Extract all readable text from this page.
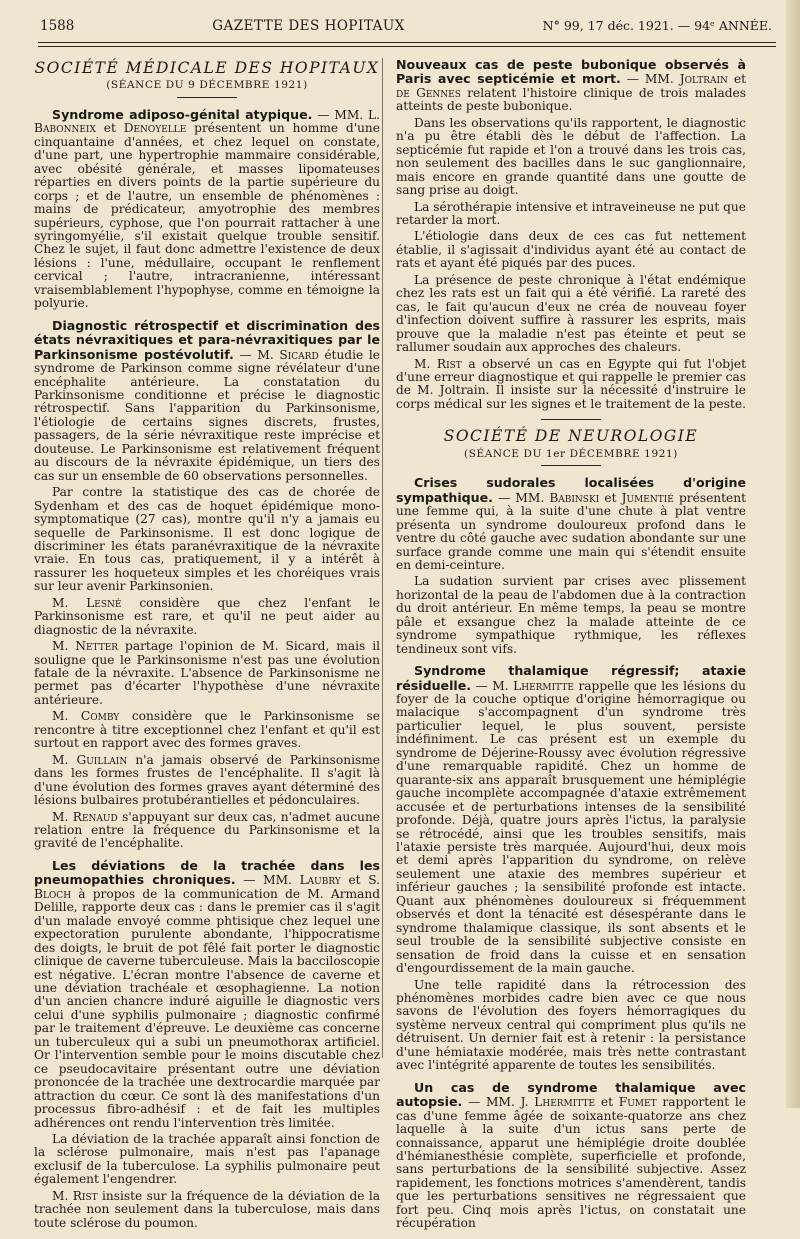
1588	GAZETTE DES HOPITAUX	N° 99, 17 déc. 1921. — 94ᵉ ANNÉE.
SOCIÉTÉ MÉDICALE DES HOPITAUX
(SÉANCE DU 9 DÉCEMBRE 1921)

Syndrome adiposo-génital atypique. — MM. L. Babonneix et Denoyelle présentent un homme d'une cinquantaine d'années, et chez lequel on constate, d'une part, une hypertrophie mammaire considérable, avec obésité générale, et masses lipomateuses réparties en divers points de la partie supérieure du corps ; et de l'autre, un ensemble de phénomènes : mains de prédicateur, amyotrophie des membres supérieurs, cyphose, que l'on pourrait rattacher à une syringomyélie, s'il existait quelque trouble sensitif. Chez le sujet, il faut donc admettre l'existence de deux lésions : l'une, médullaire, occupant le renflement cervical ; l'autre, intracranienne, intéressant vraisemblablement l'hypophyse, comme en témoigne la polyurie.

Diagnostic rétrospectif et discrimination des états névraxitiques et para-névraxitiques par le Parkinsonisme postévolutif. — M. Sicard étudie le syndrome de Parkinson comme signe révélateur d'une encéphalite antérieure. La constatation du Parkinsonisme conditionne et précise le diagnostic rétrospectif. Sans l'apparition du Parkinsonisme, l'étiologie de certains signes discrets, frustes, passagers, de la série névraxitique reste imprécise et douteuse. Le Parkinsonisme est relativement fréquent au discours de la névraxite épidémique, un tiers des cas sur un ensemble de 60 observations personnelles.

Par contre la statistique des cas de chorée de Sydenham et des cas de hoquet épidémique mono-symptomatique (27 cas), montre qu'il n'y a jamais eu sequelle de Parkinsonisme. Il est donc logique de discriminer les états paranévraxitique de la névraxite vraie. En tous cas, pratiquement, il y a intérêt à rassurer les hoqueteux simples et les choréiques vrais sur leur avenir Parkinsonien.

M. Lesné considère que chez l'enfant le Parkinsonisme est rare, et qu'il ne peut aider au diagnostic de la névraxite.

M. Netter partage l'opinion de M. Sicard, mais il souligne que le Parkinsonisme n'est pas une évolution fatale de la névraxite. L'absence de Parkinsonisme ne permet pas d'écarter l'hypothèse d'une névraxite antérieure.

M. Comby considère que le Parkinsonisme se rencontre à titre exceptionnel chez l'enfant et qu'il est surtout en rapport avec des formes graves.

M. Guillain n'a jamais observé de Parkinsonisme dans les formes frustes de l'encéphalite. Il s'agit là d'une évolution des formes graves ayant déterminé des lésions bulbaires protubérantielles et pédonculaires.

M. Renaud s'appuyant sur deux cas, n'admet aucune relation entre la fréquence du Parkinsonisme et la gravité de l'encéphalite.

Les déviations de la trachée dans les pneumopathies chroniques. — MM. Laubry et S. Bloch à propos de la communication de M. Armand Delille, rapporte deux cas : dans le premier cas il s'agit d'un malade envoyé comme phtisique chez lequel une expectoration purulente abondante, l'hippocratisme des doigts, le bruit de pot fêlé fait porter le diagnostic clinique de caverne tuberculeuse. Mais la bacciloscopie est négative. L'écran montre l'absence de caverne et une déviation trachéale et œsophagienne. La notion d'un ancien chancre induré aiguille le diagnostic vers celui d'une syphilis pulmonaire ; diagnostic confirmé par le traitement d'épreuve. Le deuxième cas concerne un tuberculeux qui a subi un pneumothorax artificiel. Or l'intervention semble pour le moins discutable chez ce pseudocavitaire présentant outre une déviation prononcée de la trachée une dextrocardie marquée par attraction du cœur. Ce sont là des manifestations d'un processus fibro-adhésif : et de fait les multiples adhérences ont rendu l'intervention très limitée.

La déviation de la trachée apparaît ainsi fonction de la sclérose pulmonaire, mais n'est pas l'apanage exclusif de la tuberculose. La syphilis pulmonaire peut également l'engendrer.

M. Rist insiste sur la fréquence de la déviation de la trachée non seulement dans la tuberculose, mais dans toute sclérose du poumon.

Nouveaux cas de peste bubonique observés à Paris avec septicémie et mort. — MM. Joltrain et de Gennes relatent l'histoire clinique de trois malades atteints de peste bubonique.

Dans les observations qu'ils rapportent, le diagnostic n'a pu être établi dès le début de l'affection. La septicémie fut rapide et l'on a trouvé dans les trois cas, non seulement des bacilles dans le suc ganglionnaire, mais encore en grande quantité dans une goutte de sang prise au doigt.

La sérothérapie intensive et intraveineuse ne put que retarder la mort.

L'étiologie dans deux de ces cas fut nettement établie, il s'agissait d'individus ayant été au contact de rats et ayant été piqués par des puces.

La présence de peste chronique à l'état endémique chez les rats est un fait qui a été vérifié. La rareté des cas, le fait qu'aucun d'eux ne créa de nouveau foyer d'infection doivent suffire à rassurer les esprits, mais prouve que la maladie n'est pas éteinte et peut se rallumer soudain aux approches des chaleurs.

M. Rist a observé un cas en Egypte qui fut l'objet d'une erreur diagnostique et qui rappelle le premier cas de M. Joltrain. Il insiste sur la nécessité d'instruire le corps médical sur les signes et le traitement de la peste.

SOCIÉTÉ DE NEUROLOGIE
(SÉANCE DU 1er DÉCEMBRE 1921)

Crises sudorales localisées d'origine sympathique. — MM. Babinski et Jumentié présentent une femme qui, à la suite d'une chute à plat ventre présenta un syndrome douloureux profond dans le ventre du côté gauche avec sudation abondante sur une surface grande comme une main qui s'étendit ensuite en demi-ceinture.

La sudation survient par crises avec plissement horizontal de la peau de l'abdomen due à la contraction du droit antérieur. En même temps, la peau se montre pâle et exsangue chez la malade atteinte de ce syndrome sympathique rythmique, les réflexes tendineux sont vifs.

Syndrome thalamique régressif; ataxie résiduelle. — M. Lhermitte rappelle que les lésions du foyer de la couche optique d'origine hémorragique ou malacique s'accompagnent d'un syndrome très particulier lequel, le plus souvent, persiste indéfiniment. Le cas présent est un exemple du syndrome de Déjerine-Roussy avec évolution régressive d'une remarquable rapidité. Chez un homme de quarante-six ans apparaît brusquement une hémiplégie gauche incomplète accompagnée d'ataxie extrêmement accusée et de perturbations intenses de la sensibilité profonde. Déjà, quatre jours après l'ictus, la paralysie se rétrocédé, ainsi que les troubles sensitifs, mais l'ataxie persiste très marquée. Aujourd'hui, deux mois et demi après l'apparition du syndrome, on relève seulement une ataxie des membres supérieur et inférieur gauches ; la sensibilité profonde est intacte. Quant aux phénomènes douloureux si fréquemment observés et dont la ténacité est désespérante dans le syndrome thalamique classique, ils sont absents et le seul trouble de la sensibilité subjective consiste en sensation de froid dans la cuisse et en sensation d'engourdissement de la main gauche.

Une telle rapidité dans la rétrocession des phénomènes morbides cadre bien avec ce que nous savons de l'évolution des foyers hémorragiques du système nerveux central qui compriment plus qu'ils ne détruisent. Un dernier fait est à retenir : la persistance d'une hémiataxie modérée, mais très nette contrastant avec l'intégrité apparente de toutes les sensibilités.

Un cas de syndrome thalamique avec autopsie. — MM. J. Lhermitte et Fumet rapportent le cas d'une femme âgée de soixante-quatorze ans chez laquelle à la suite d'un ictus sans perte de connaissance, apparut une hémiplégie droite doublée d'hémianesthésie complète, superficielle et profonde, sans perturbations de la sensibilité subjective. Assez rapidement, les fonctions motrices s'amendèrent, tandis que les perturbations sensitives ne régressaient que fort peu. Cinq mois après l'ictus, on constatait une récupération
